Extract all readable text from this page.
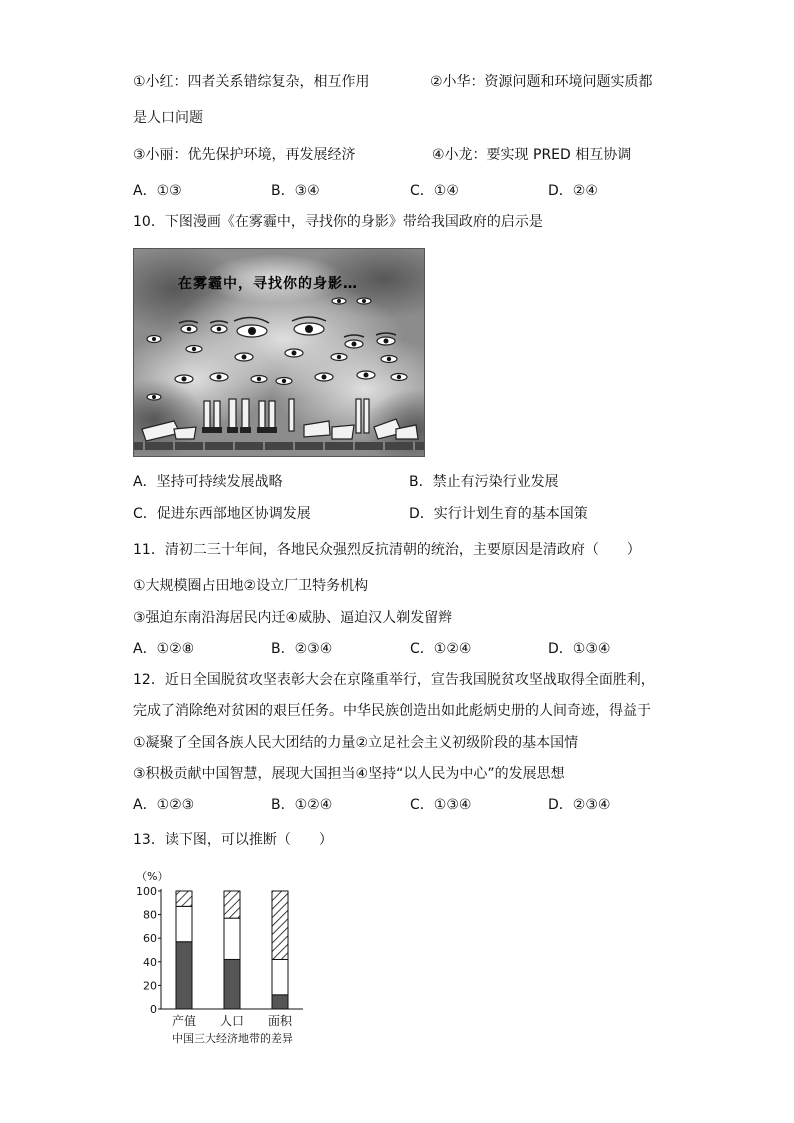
①小红：四者关系错综复杂，相互作用	②小华：资源问题和环境问题实质都
是人口问题
③小丽：优先保护环境，再发展经济	④小龙：要实现 PRED 相互协调
A．①③	B．③④	C．①④	D．②④
10．下图漫画《在雾霾中，寻找你的身影》带给我国政府的启示是
在雾霾中，寻找你的身影…
A．坚持可持续发展战略	B．禁止有污染行业发展
C．促进东西部地区协调发展	D．实行计划生育的基本国策
11．清初二三十年间，各地民众强烈反抗清朝的统治，主要原因是清政府（　　）
①大规模圈占田地②设立厂卫特务机构
③强迫东南沿海居民内迁④威胁、逼迫汉人剃发留辫
A．①②⑧	B．②③④	C．①②④	D．①③④
12．近日全国脱贫攻坚表彰大会在京隆重举行，宣告我国脱贫攻坚战取得全面胜利，
完成了消除绝对贫困的艰巨任务。中华民族创造出如此彪炳史册的人间奇迹，得益于
①凝聚了全国各族人民大团结的力量②立足社会主义初级阶段的基本国情
③积极贡献中国智慧，展现大国担当④坚持“以人民为中心”的发展思想
A．①②③	B．①②④	C．①③④	D．②③④
13．读下图，可以推断（　　）
（%）
0
20
40
60
80
100
产值 人口 面积
中国三大经济地带的差异
